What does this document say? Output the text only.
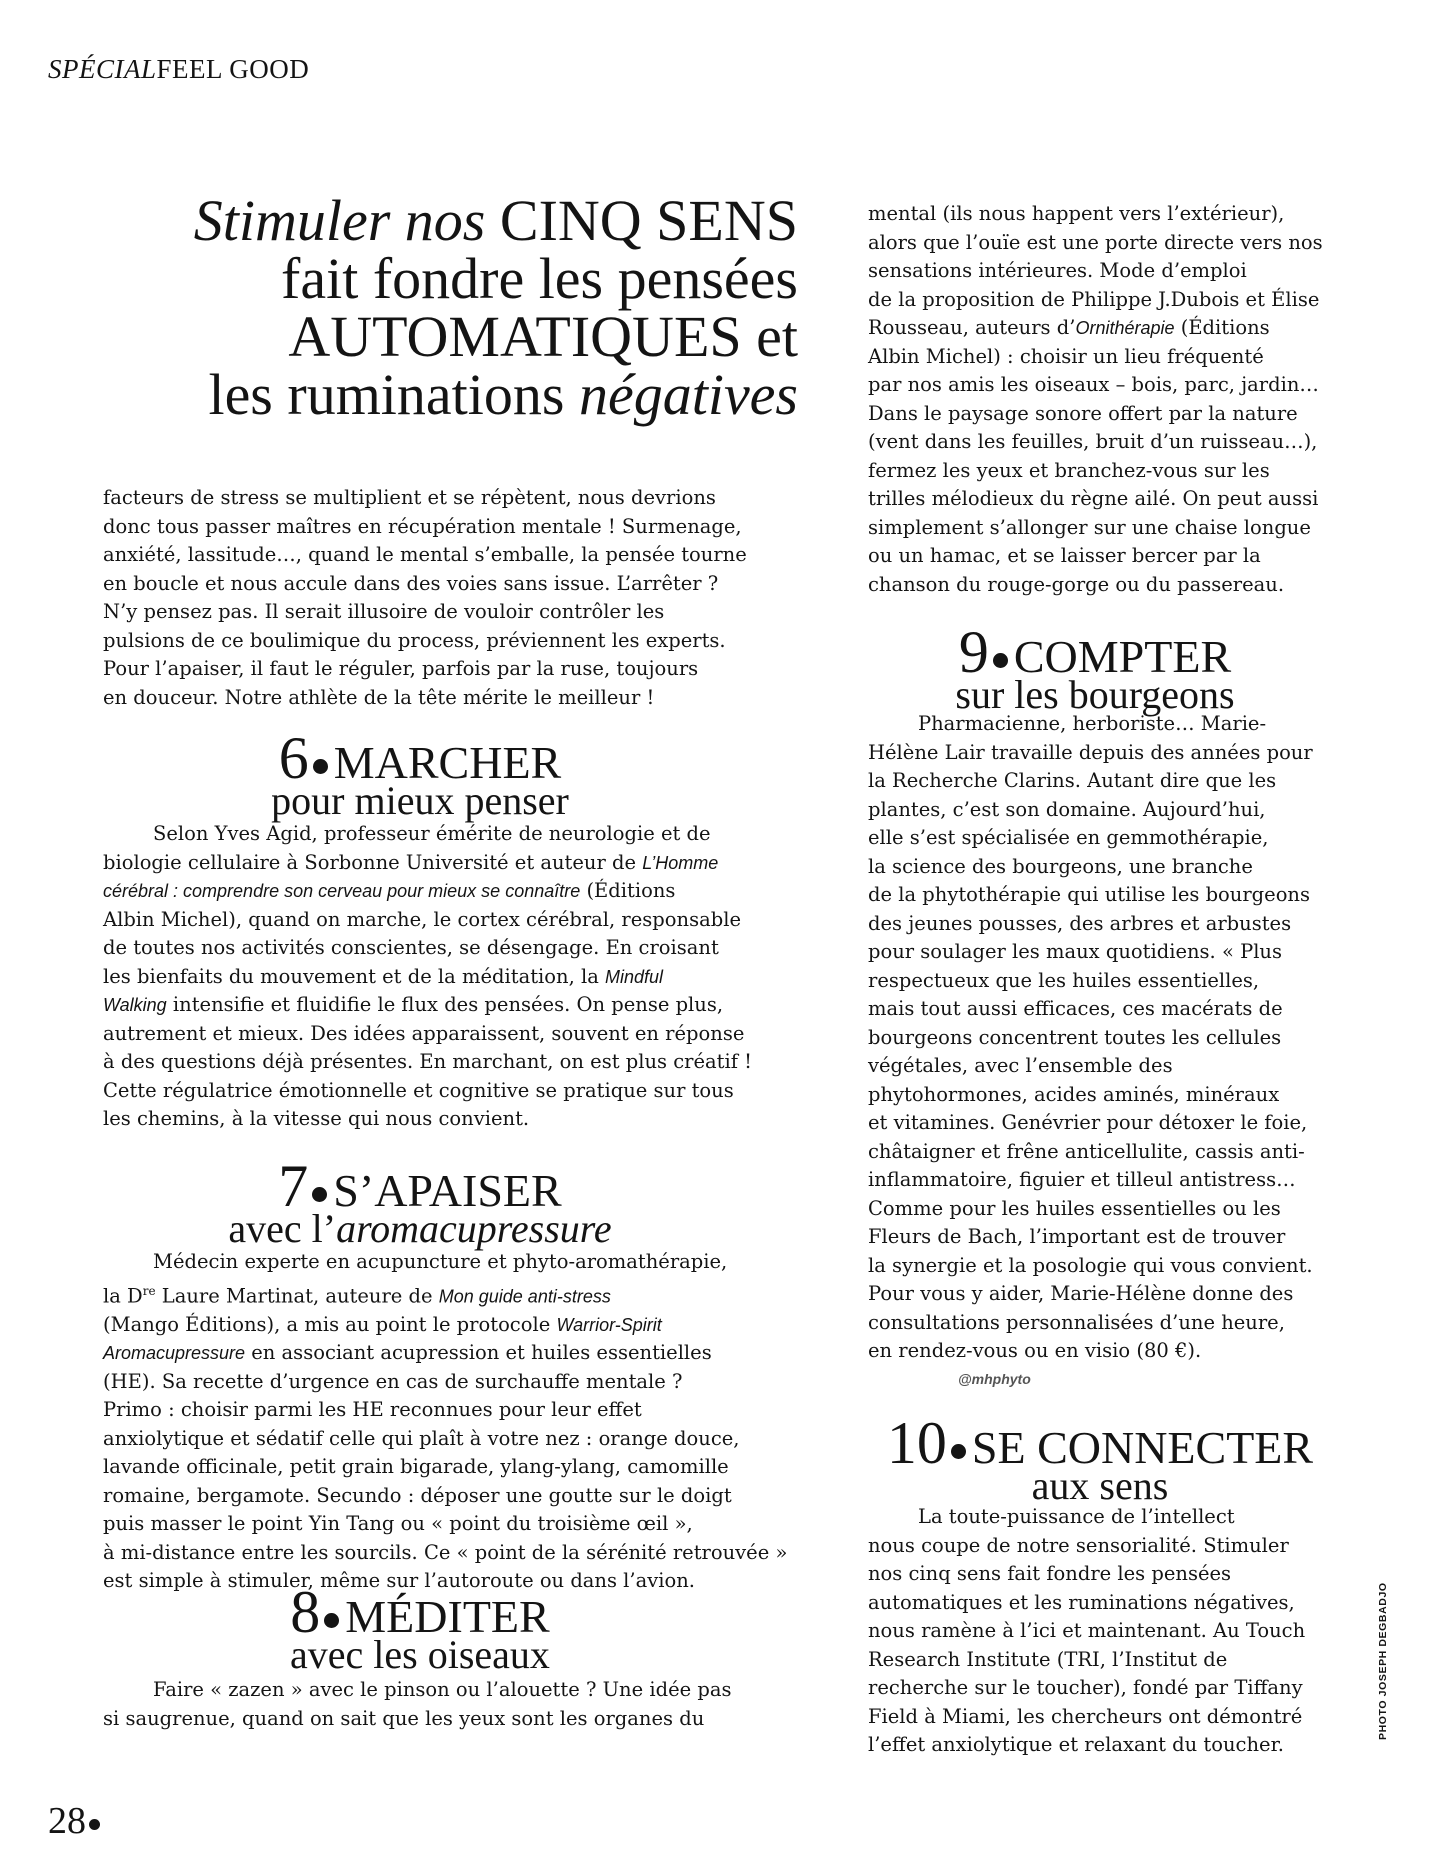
SPÉCIALFEEL GOOD
Stimuler nos CINQ SENS
fait fondre les pensées
AUTOMATIQUES et
les ruminations négatives
facteurs de stress se multiplient et se répètent, nous devrions
donc tous passer maîtres en récupération mentale ! Surmenage,
anxiété, lassitude…, quand le mental s’emballe, la pensée tourne
en boucle et nous accule dans des voies sans issue. L’arrêter ?
N’y pensez pas. Il serait illusoire de vouloir contrôler les
pulsions de ce boulimique du process, préviennent les experts.
Pour l’apaiser, il faut le réguler, parfois par la ruse, toujours
en douceur. Notre athlète de la tête mérite le meilleur !
6 MARCHER
pour mieux penser
Selon Yves Agid, professeur émérite de neurologie et de
biologie cellulaire à Sorbonne Université et auteur de L’Homme
cérébral : comprendre son cerveau pour mieux se connaître (Éditions
Albin Michel), quand on marche, le cortex cérébral, responsable
de toutes nos activités conscientes, se désengage. En croisant
les bienfaits du mouvement et de la méditation, la Mindful
Walking intensifie et fluidifie le flux des pensées. On pense plus,
autrement et mieux. Des idées apparaissent, souvent en réponse
à des questions déjà présentes. En marchant, on est plus créatif !
Cette régulatrice émotionnelle et cognitive se pratique sur tous
les chemins, à la vitesse qui nous convient.
7 S’APAISER
avec l’aromacupressure
Médecin experte en acupuncture et phyto-aromathérapie,
la Dre Laure Martinat, auteure de Mon guide anti-stress
(Mango Éditions), a mis au point le protocole Warrior-Spirit
Aromacupressure en associant acupression et huiles essentielles
(HE). Sa recette d’urgence en cas de surchauffe mentale ?
Primo : choisir parmi les HE reconnues pour leur effet
anxiolytique et sédatif celle qui plaît à votre nez : orange douce,
lavande officinale, petit grain bigarade, ylang-ylang, camomille
romaine, bergamote. Secundo : déposer une goutte sur le doigt
puis masser le point Yin Tang ou « point du troisième œil »,
à mi-distance entre les sourcils. Ce « point de la sérénité retrouvée »
est simple à stimuler, même sur l’autoroute ou dans l’avion.
8 MÉDITER
avec les oiseaux
Faire « zazen » avec le pinson ou l’alouette ? Une idée pas
si saugrenue, quand on sait que les yeux sont les organes du
mental (ils nous happent vers l’extérieur),
alors que l’ouïe est une porte directe vers nos
sensations intérieures. Mode d’emploi
de la proposition de Philippe J.Dubois et Élise
Rousseau, auteurs d’Ornithérapie (Éditions
Albin Michel) : choisir un lieu fréquenté
par nos amis les oiseaux – bois, parc, jardin…
Dans le paysage sonore offert par la nature
(vent dans les feuilles, bruit d’un ruisseau…),
fermez les yeux et branchez-vous sur les
trilles mélodieux du règne ailé. On peut aussi
simplement s’allonger sur une chaise longue
ou un hamac, et se laisser bercer par la
chanson du rouge-gorge ou du passereau.
9 COMPTER
sur les bourgeons
Pharmacienne, herboriste… Marie-
Hélène Lair travaille depuis des années pour
la Recherche Clarins. Autant dire que les
plantes, c’est son domaine. Aujourd’hui,
elle s’est spécialisée en gemmothérapie,
la science des bourgeons, une branche
de la phytothérapie qui utilise les bourgeons
des jeunes pousses, des arbres et arbustes
pour soulager les maux quotidiens. « Plus
respectueux que les huiles essentielles,
mais tout aussi efficaces, ces macérats de
bourgeons concentrent toutes les cellules
végétales, avec l’ensemble des
phytohormones, acides aminés, minéraux
et vitamines. Genévrier pour détoxer le foie,
châtaigner et frêne anticellulite, cassis anti-
inflammatoire, figuier et tilleul antistress…
Comme pour les huiles essentielles ou les
Fleurs de Bach, l’important est de trouver
la synergie et la posologie qui vous convient.
Pour vous y aider, Marie-Hélène donne des
consultations personnalisées d’une heure,
en rendez-vous ou en visio (80 €).
@mhphyto
10 SE CONNECTER
aux sens
La toute-puissance de l’intellect
nous coupe de notre sensorialité. Stimuler
nos cinq sens fait fondre les pensées
automatiques et les ruminations négatives,
nous ramène à l’ici et maintenant. Au Touch
Research Institute (TRI, l’Institut de
recherche sur le toucher), fondé par Tiffany
Field à Miami, les chercheurs ont démontré
l’effet anxiolytique et relaxant du toucher.
PHOTO JOSEPH DEGBADJO
28
